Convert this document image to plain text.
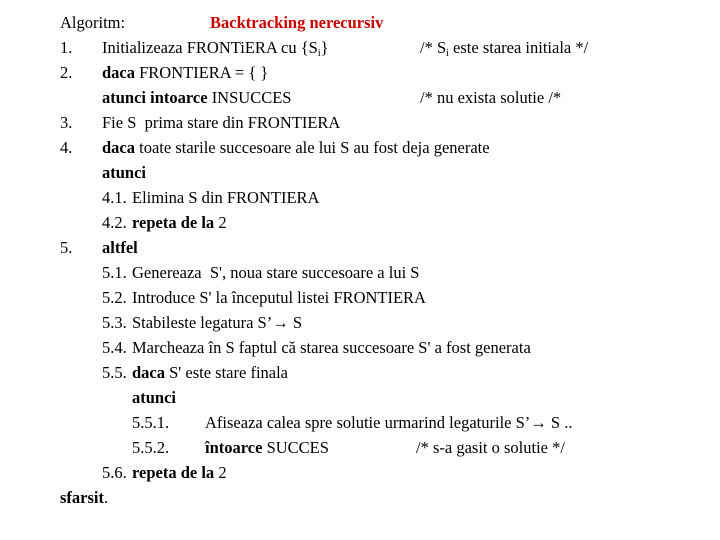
Algoritm:	Backtracking nerecursiv
1. Initializeaza FRONTiERA cu $\{S_i\}$	/* $S_i$ este starea initiala */
2. daca FRONTIERA = { }
atunci intoarce INSUCCES	/* nu exista solutie /*
3. Fie S  prima stare din FRONTIERA
4. daca toate starile succesoare ale lui S au fost deja generate
atunci
4.1. Elimina S din FRONTIERA
4.2. repeta de la 2
5. altfel
5.1. Genereaza  S', noua stare succesoare a lui S
5.2. Introduce S' la începutul listei FRONTIERA
5.3. Stabileste legatura S’→ S
5.4. Marcheaza în S faptul că starea succesoare S' a fost generata
5.5. daca S' este stare finala
atunci
5.5.1. Afiseaza calea spre solutie urmarind legaturile S’→ S ..
5.5.2. întoarce SUCCES	/* s-a gasit o solutie */
5.6. repeta de la 2
sfarsit.
